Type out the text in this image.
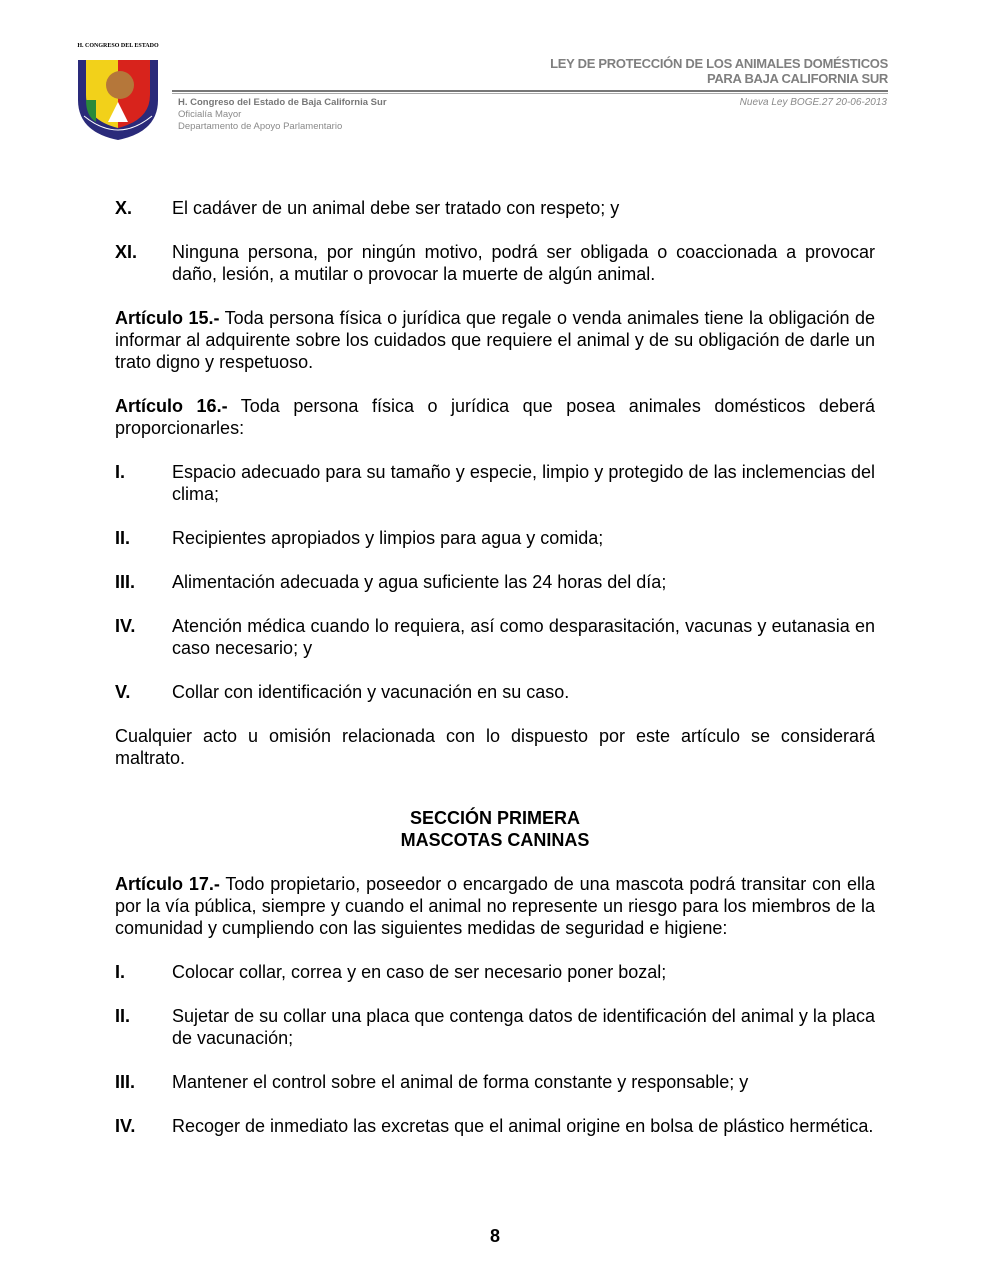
H. CONGRESO DEL ESTADO
LEY DE PROTECCIÓN DE LOS ANIMALES DOMÉSTICOS
PARA BAJA CALIFORNIA SUR
H. Congreso del Estado de Baja California Sur
Oficialía Mayor
Departamento de Apoyo Parlamentario
Nueva Ley BOGE.27 20-06-2013
X.	El cadáver de un animal debe ser tratado con respeto; y
XI.	Ninguna persona, por ningún motivo, podrá ser obligada o coaccionada a provocar daño, lesión, a mutilar o provocar la muerte de algún animal.

Artículo 15.- Toda persona física o jurídica que regale o venda animales tiene la obligación de informar al adquirente sobre los cuidados que requiere el animal y de su obligación de darle un trato digno y respetuoso.

Artículo 16.- Toda persona física o jurídica que posea animales domésticos deberá proporcionarles:

I.	Espacio adecuado para su tamaño y especie, limpio y protegido de las inclemencias del clima;
II.	Recipientes apropiados y limpios para agua y comida;
III.	Alimentación adecuada y agua suficiente las 24 horas del día;
IV.	Atención médica cuando lo requiera, así como desparasitación, vacunas y eutanasia en caso necesario; y
V.	Collar con identificación y vacunación en su caso.

Cualquier acto u omisión relacionada con lo dispuesto por este artículo se considerará maltrato.

SECCIÓN PRIMERA
MASCOTAS CANINAS

Artículo 17.- Todo propietario, poseedor o encargado de una mascota podrá transitar con ella por la vía pública, siempre y cuando el animal no represente un riesgo para los miembros de la comunidad y cumpliendo con las siguientes medidas de seguridad e higiene:

I.	Colocar collar, correa y en caso de ser necesario poner bozal;
II.	Sujetar de su collar una placa que contenga datos de identificación del animal y la placa de vacunación;
III.	Mantener el control sobre el animal de forma constante y responsable; y
IV.	Recoger de inmediato las excretas que el animal origine en bolsa de plástico hermética.
8
